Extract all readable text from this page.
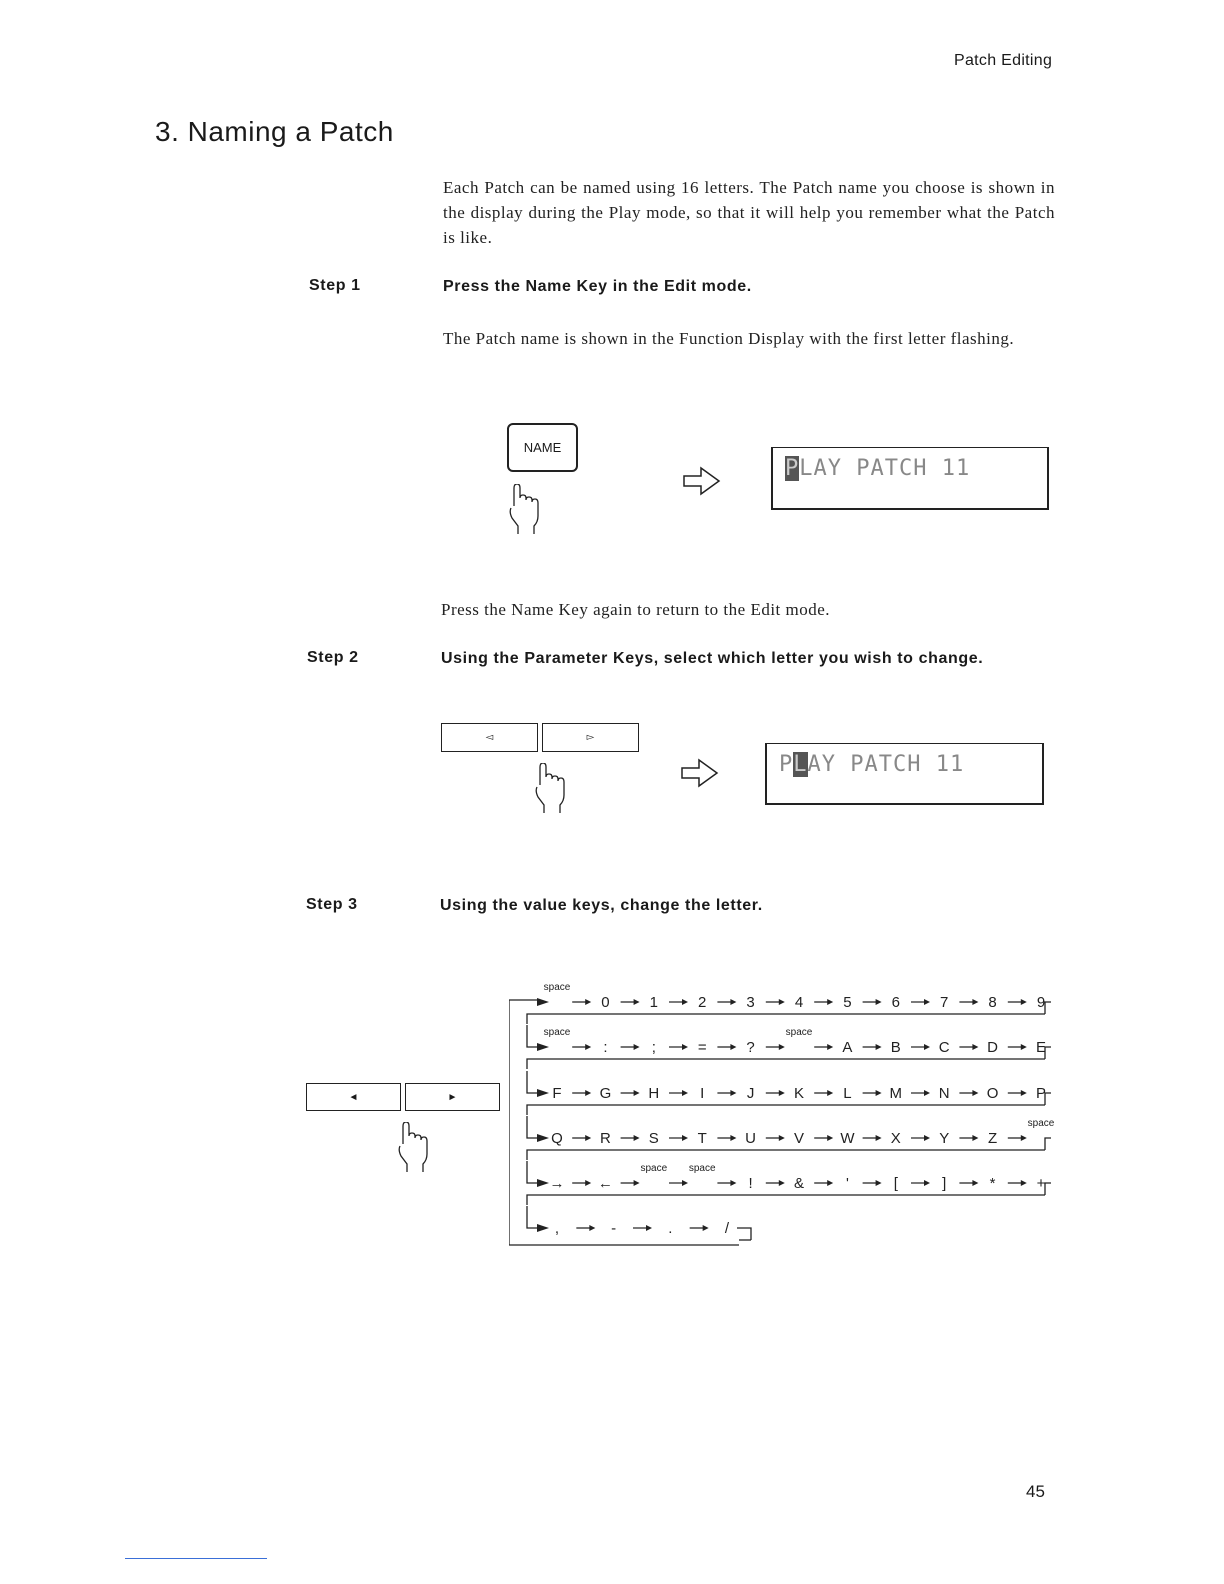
Patch Editing
3. Naming a Patch
Each Patch can be named using 16 letters. The Patch name you choose is shown in the display during the Play mode, so that it will help you remember what the Patch is like.
Step 1	Press the Name Key in the Edit mode.
The Patch name is shown in the Function Display with the first letter flashing.
NAME
PLAY PATCH 11
Press the Name Key again to return to the Edit mode.
Step 2	Using the Parameter Keys, select which letter you wish to change.
◅	▻
PLAY PATCH 11
Step 3	Using the value keys, change the letter.
◄	►
space
0	1	2	3	4	5	6	7	8	9
space
:	;	=	?
space
A	B	C	D	E
F	G H	I	J	K	L	M N O	P
Q R	S	T	U	V W X	Y	Z
space
→ ←
space space
!	&	'	[	]	*	+
,	-	.	/
45
